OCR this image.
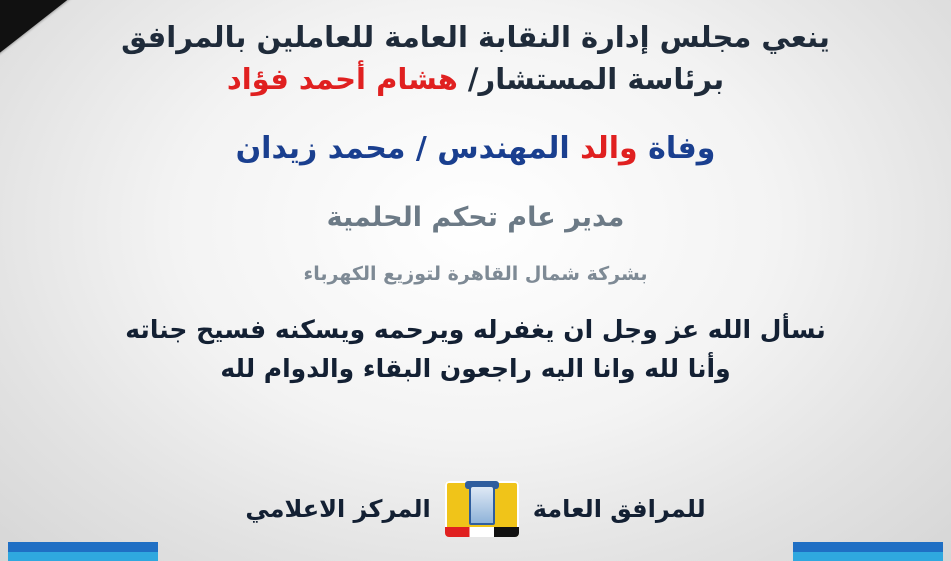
ينعي مجلس إدارة النقابة العامة للعاملين بالمرافق
برئاسة المستشار/ هشام أحمد فؤاد
وفاة والد المهندس / محمد زيدان
مدير عام تحكم الحلمية
بشركة شمال القاهرة لتوزيع الكهرباء
نسأل الله عز وجل ان يغفرله ويرحمه ويسكنه فسيح جناته
وأنا لله وانا اليه راجعون البقاء والدوام لله
للمرافق العامة
المركز الاعلامي
